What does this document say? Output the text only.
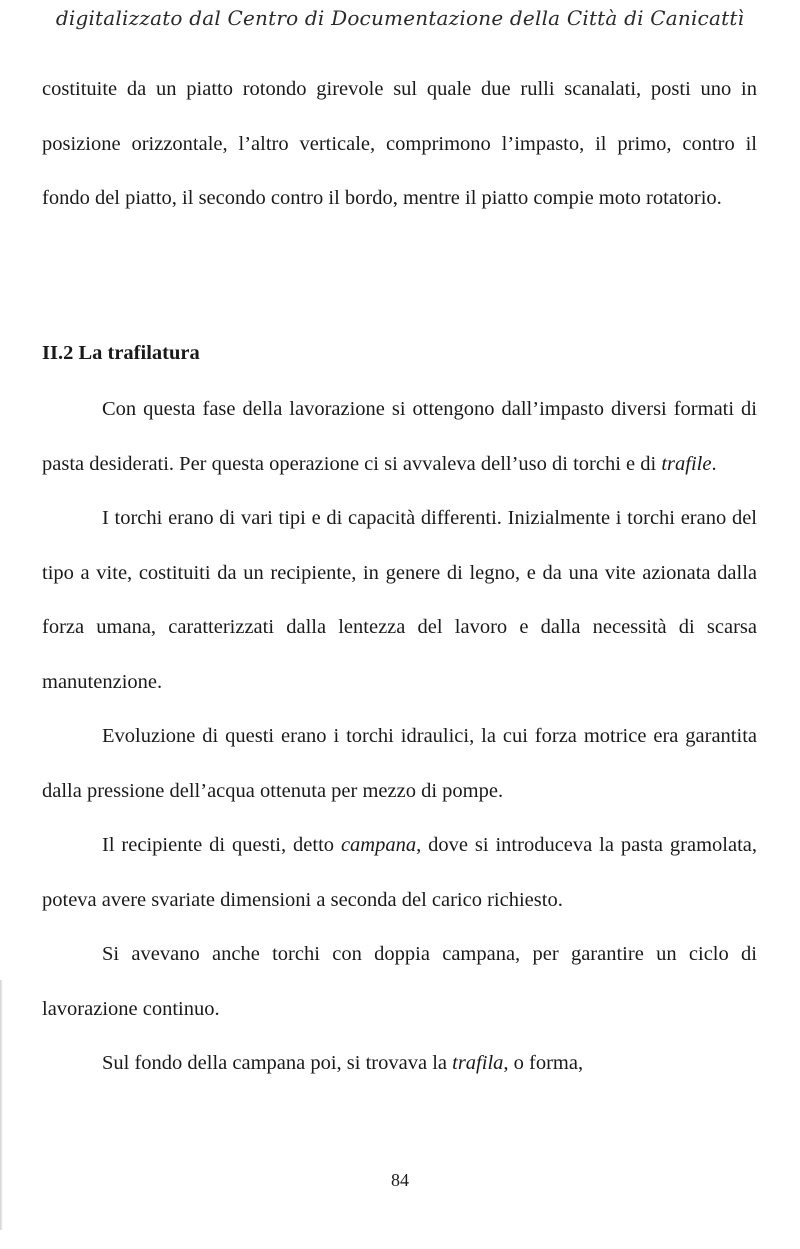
digitalizzato dal Centro di Documentazione della Città di Canicattì

costituite da un piatto rotondo girevole sul quale due rulli scanalati, posti uno in posizione orizzontale, l’altro verticale, comprimono l’impasto, il primo, contro il fondo del piatto, il secondo contro il bordo, mentre il piatto compie moto rotatorio.

II.2 La trafilatura

Con questa fase della lavorazione si ottengono dall’impasto diversi formati di pasta desiderati. Per questa operazione ci si avvaleva dell’uso di torchi e di trafile.

I torchi erano di vari tipi e di capacità differenti. Inizialmente i torchi erano del tipo a vite, costituiti da un recipiente, in genere di legno, e da una vite azionata dalla forza umana, caratterizzati dalla lentezza del lavoro e dalla necessità di scarsa manutenzione.

Evoluzione di questi erano i torchi idraulici, la cui forza motrice era garantita dalla pressione dell’acqua ottenuta per mezzo di pompe.

Il recipiente di questi, detto campana, dove si introduceva la pasta gramolata, poteva avere svariate dimensioni a seconda del carico richiesto.

Si avevano anche torchi con doppia campana, per garantire un ciclo di lavorazione continuo.

Sul fondo della campana poi, si trovava la trafila, o forma,

84
